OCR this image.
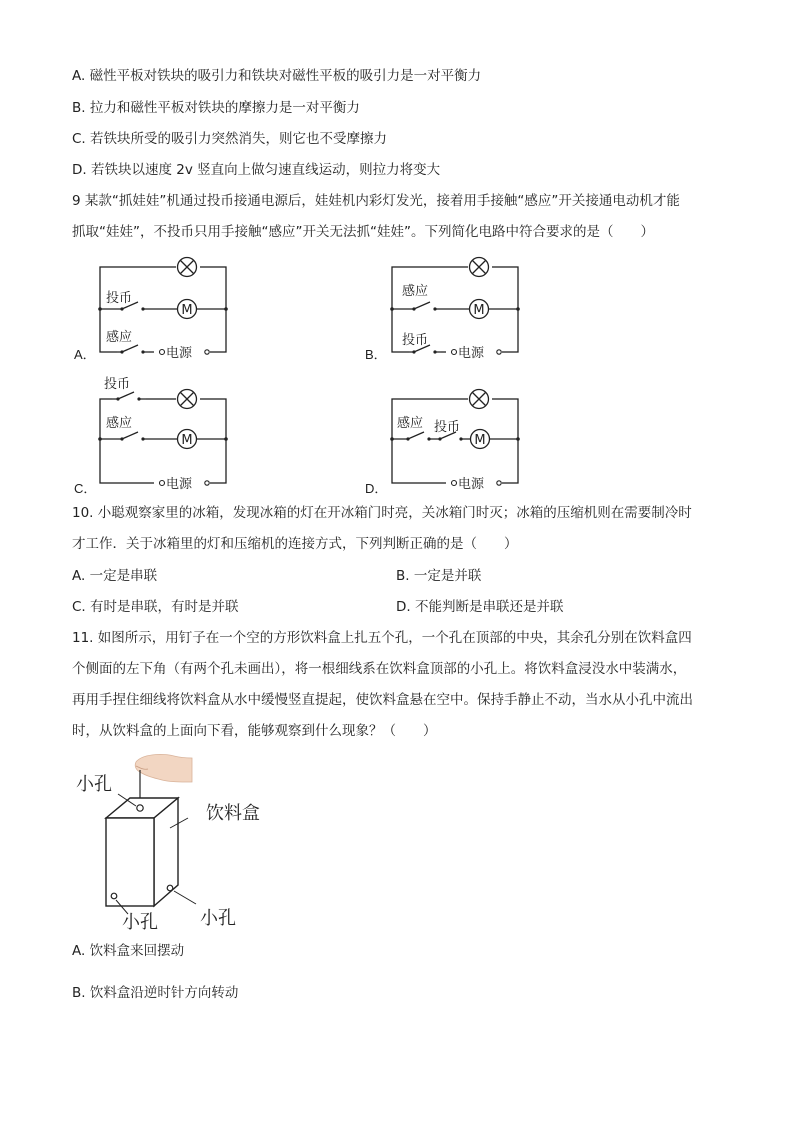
A. 磁性平板对铁块的吸引力和铁块对磁性平板的吸引力是一对平衡力
B. 拉力和磁性平板对铁块的摩擦力是一对平衡力
C. 若铁块所受的吸引力突然消失，则它也不受摩擦力
D. 若铁块以速度 2v 竖直向上做匀速直线运动，则拉力将变大
9 某款“抓娃娃”机通过投币接通电源后，娃娃机内彩灯发光，接着用手接触“感应”开关接通电动机才能
抓取“娃娃”，不投币只用手接触“感应”开关无法抓“娃娃”。下列简化电路中符合要求的是（　　）
M
投币
感应
电源
A．
M
感应
投币
电源
B．
投币
感应
M
电源
C．
感应 投币
M
电源
D．
10. 小聪观察家里的冰箱，发现冰箱的灯在开冰箱门时亮，关冰箱门时灭；冰箱的压缩机则在需要制冷时
才工作．关于冰箱里的灯和压缩机的连接方式，下列判断正确的是（　　）
A. 一定是串联	B. 一定是并联
C. 有时是串联，有时是并联	D. 不能判断是串联还是并联
11. 如图所示，用钉子在一个空的方形饮料盒上扎五个孔，一个孔在顶部的中央，其余孔分别在饮料盒四
个侧面的左下角（有两个孔未画出），将一根细线系在饮料盒顶部的小孔上。将饮料盒浸没水中装满水，
再用手捏住细线将饮料盒从水中缓慢竖直提起，使饮料盒悬在空中。保持手静止不动，当水从小孔中流出
时，从饮料盒的上面向下看，能够观察到什么现象？（　　）
小孔
饮料盒
小孔 小孔
A. 饮料盒来回摆动
B. 饮料盒沿逆时针方向转动
